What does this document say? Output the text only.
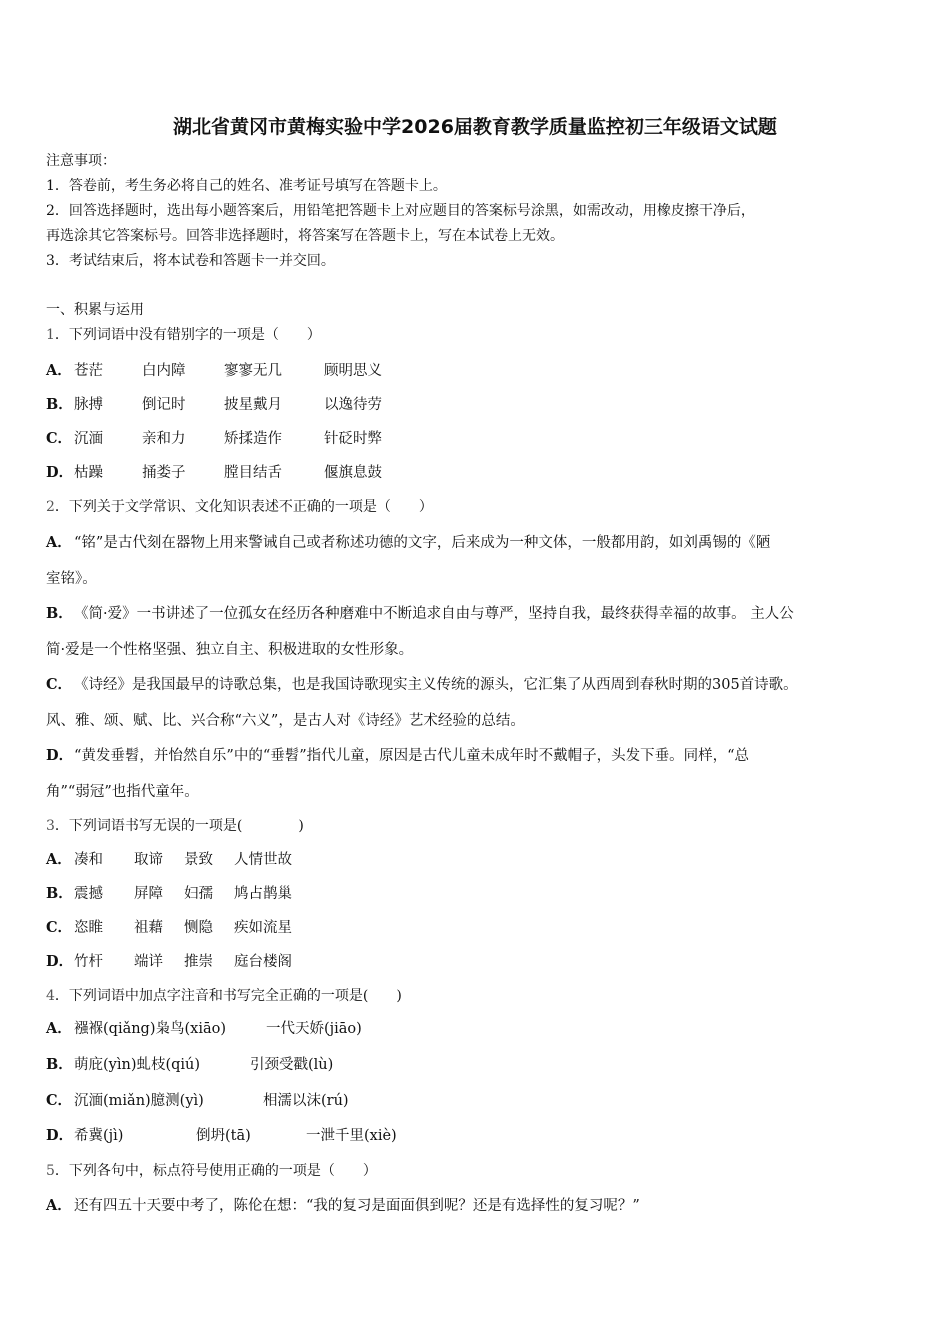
湖北省黄冈市黄梅实验中学2026届教育教学质量监控初三年级语文试题
注意事项：
1．答卷前，考生务必将自己的姓名、准考证号填写在答题卡上。
2．回答选择题时，选出每小题答案后，用铅笔把答题卡上对应题目的答案标号涂黑，如需改动，用橡皮擦干净后，
再选涂其它答案标号。回答非选择题时，将答案写在答题卡上，写在本试卷上无效。
3．考试结束后，将本试卷和答题卡一并交回。
一、积累与运用
1．下列词语中没有错别字的一项是（　　）
A． 苍茫	白内障	寥寥无几	顾明思义
B．脉搏	倒记时	披星戴月	以逸待劳
C． 沉湎	亲和力	矫揉造作	针砭时弊
D．枯躁	捅娄子	膛目结舌	偃旗息鼓
2．下列关于文学常识、文化知识表述不正确的一项是（　　）
A． “铭”是古代刻在器物上用来警诫自己或者称述功德的文字，后来成为一种文体，一般都用韵，如刘禹锡的《陋
室铭》。
B．《简·爱》一书讲述了一位孤女在经历各种磨难中不断追求自由与尊严，坚持自我，最终获得幸福的故事。 主人公
简·爱是一个性格坚强、独立自主、积极进取的女性形象。
C． 《诗经》是我国最早的诗歌总集，也是我国诗歌现实主义传统的源头，它汇集了从西周到春秋时期的305首诗歌。
风、雅、颂、赋、比、兴合称“六义”，是古人对《诗经》艺术经验的总结。
D．“黄发垂髫，并怡然自乐”中的“垂髫”指代儿童，原因是古代儿童未成年时不戴帽子，头发下垂。同样，“总
角”“弱冠”也指代童年。
3．下列词语书写无误的一项是(　　　　)
A． 凑和 取谛 景致 人情世故
B．震撼 屏障 妇孺 鸠占鹊巢
C． 恣睢 祖藉 恻隐 疾如流星
D．竹杆 端详 推崇 庭台楼阁
4．下列词语中加点字注音和书写完全正确的一项是(　　)
A． 襁褓(qiǎng)枭鸟(xiāo)	一代天娇(jiāo)
B．萌庇(yìn)虬枝(qiú)	引颈受戳(lù)
C． 沉湎(miǎn)臆测(yì)	相濡以沫(rú)
D．希冀(jì)	倒坍(tā)	一泄千里(xiè)
5．下列各句中，标点符号使用正确的一项是（　　）
A． 还有四五十天要中考了，陈伦在想：“我的复习是面面俱到呢？还是有选择性的复习呢？”
